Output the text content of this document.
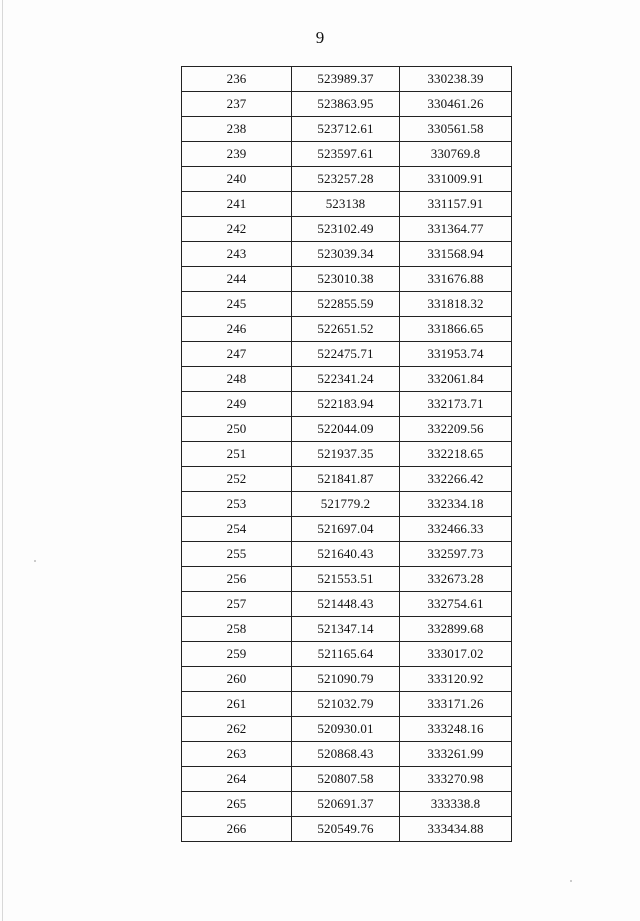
9
236	523989.37	330238.39
237	523863.95	330461.26
238	523712.61	330561.58
239	523597.61	330769.8
240	523257.28	331009.91
241	523138	331157.91
242	523102.49	331364.77
243	523039.34	331568.94
244	523010.38	331676.88
245	522855.59	331818.32
246	522651.52	331866.65
247	522475.71	331953.74
248	522341.24	332061.84
249	522183.94	332173.71
250	522044.09	332209.56
251	521937.35	332218.65
252	521841.87	332266.42
253	521779.2	332334.18
254	521697.04	332466.33
255	521640.43	332597.73
256	521553.51	332673.28
257	521448.43	332754.61
258	521347.14	332899.68
259	521165.64	333017.02
260	521090.79	333120.92
261	521032.79	333171.26
262	520930.01	333248.16
263	520868.43	333261.99
264	520807.58	333270.98
265	520691.37	333338.8
266	520549.76	333434.88
